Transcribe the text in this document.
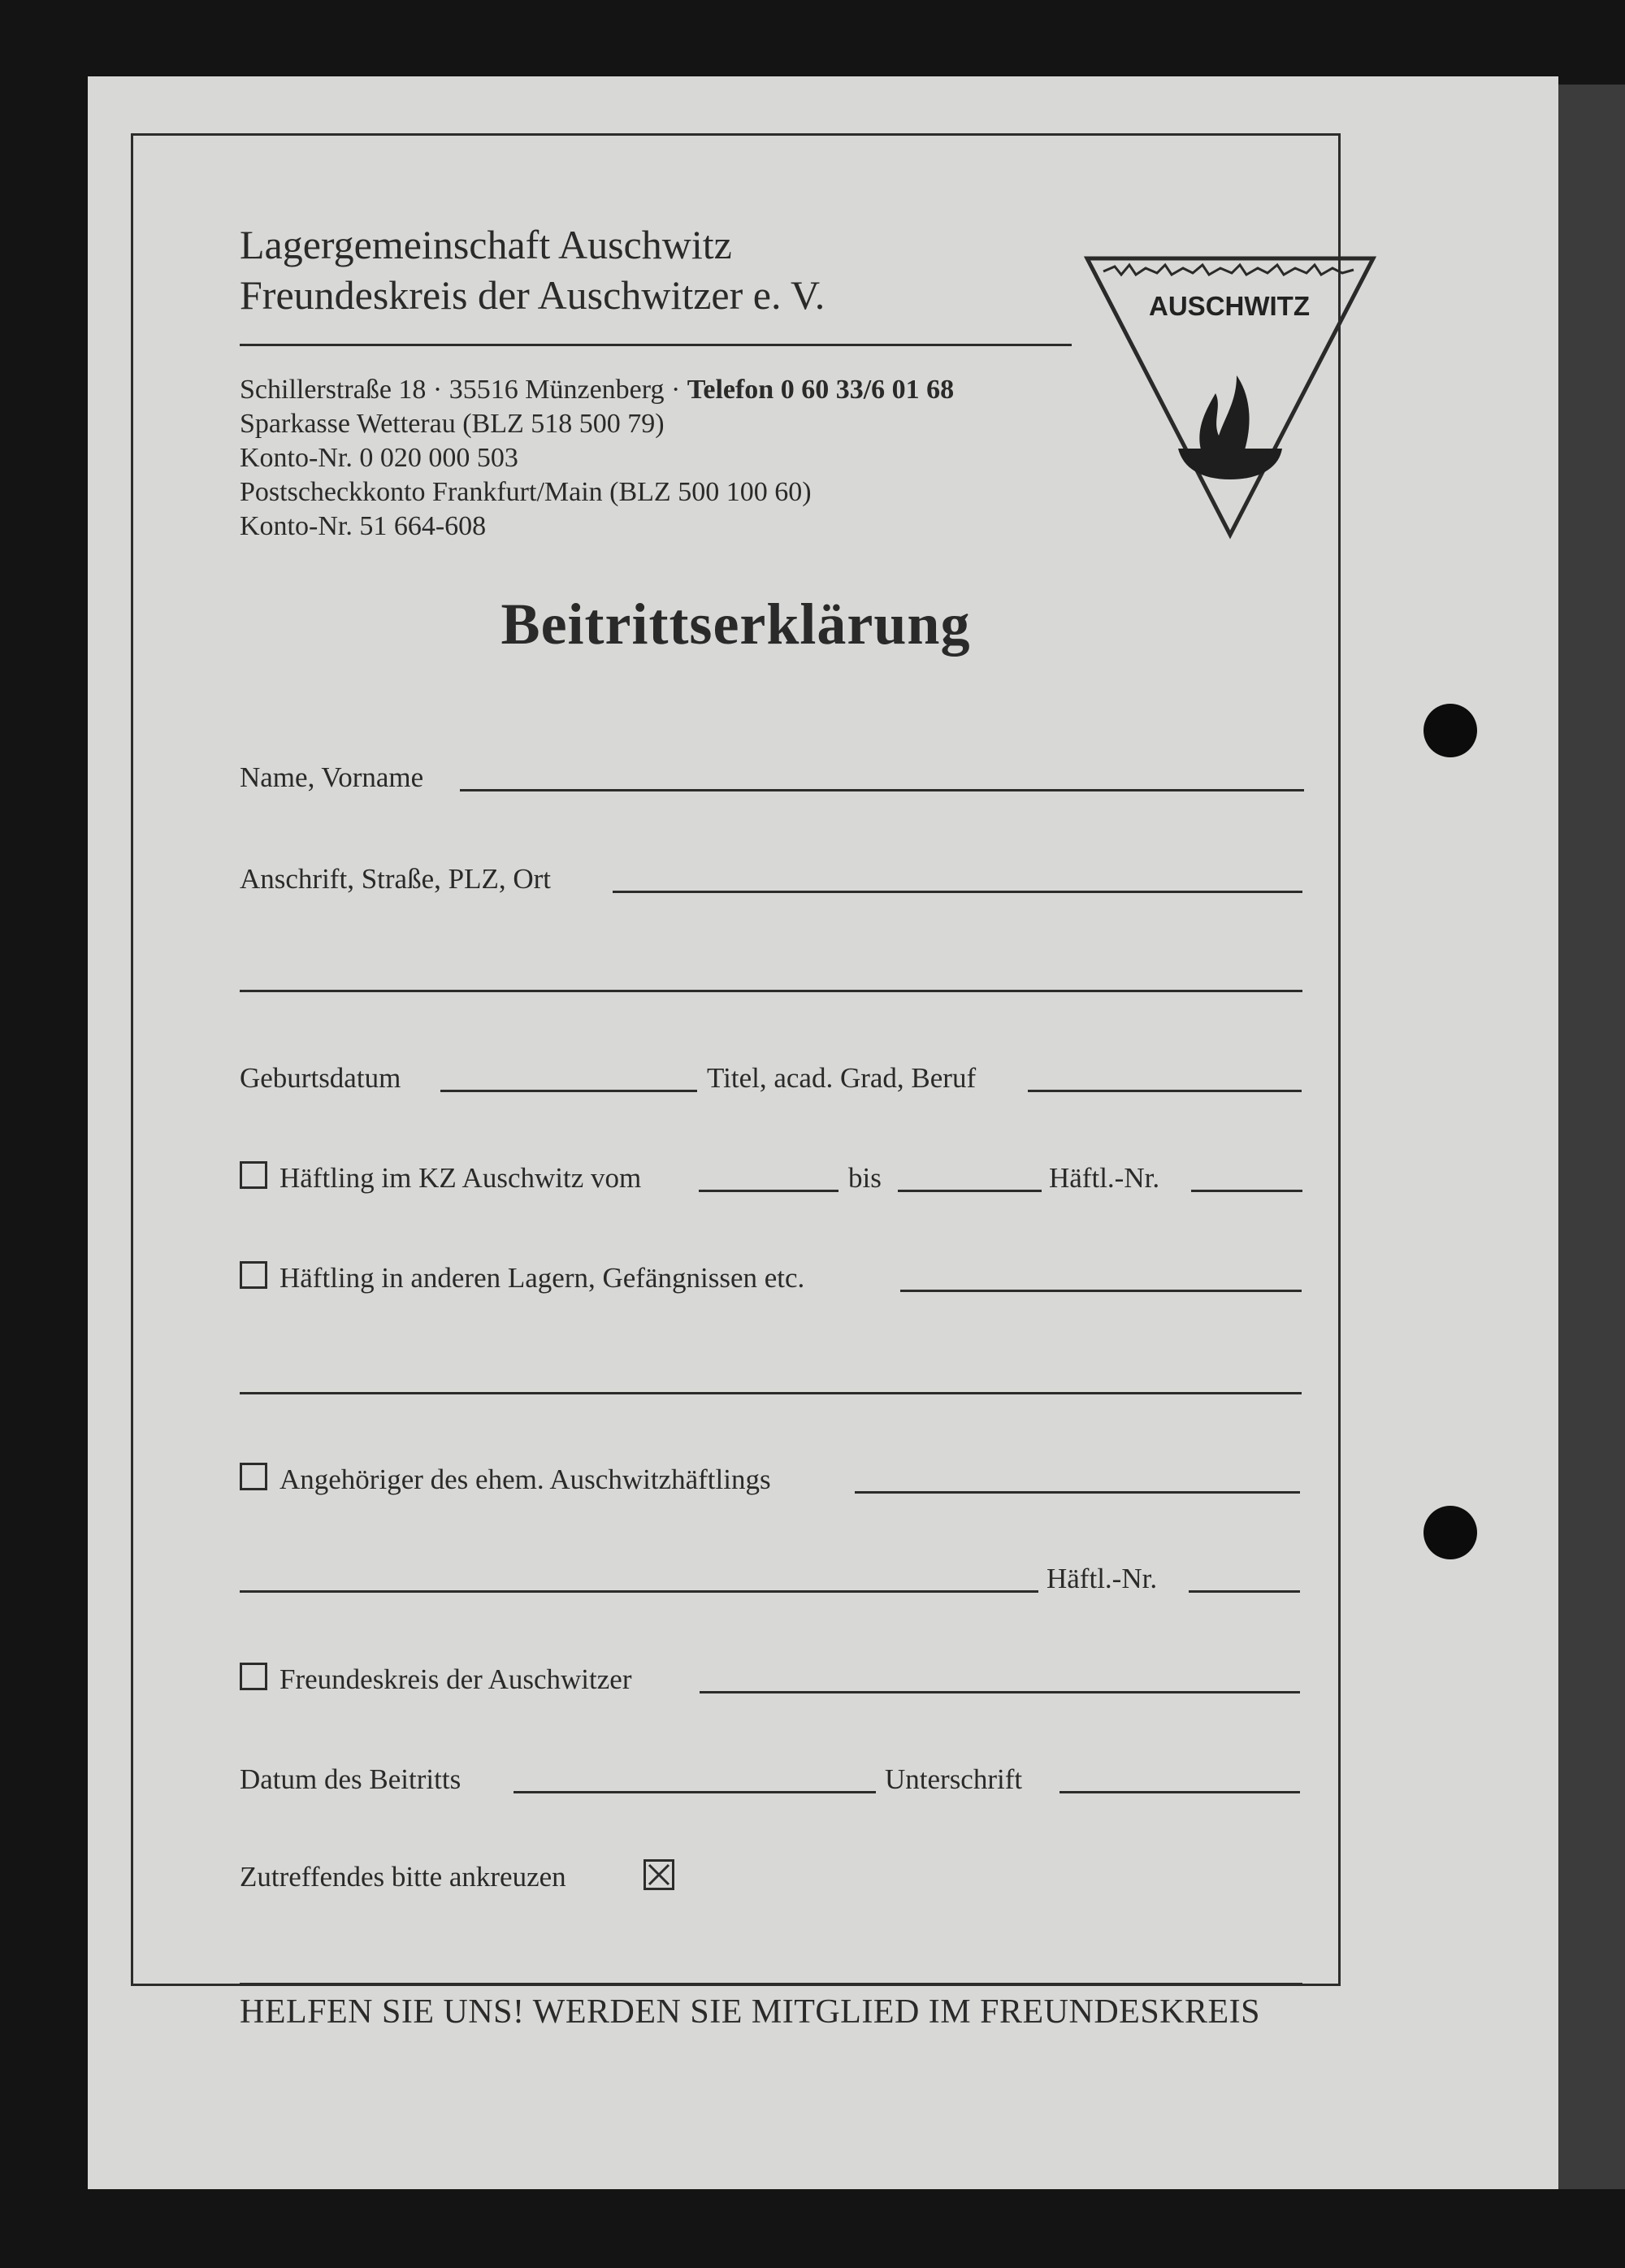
Lagergemeinschaft Auschwitz
Freundeskreis der Auschwitzer e. V.
Schillerstraße 18 · 35516 Münzenberg · Telefon 0 60 33/6 01 68
Sparkasse Wetterau (BLZ 518 500 79)
Konto-Nr. 0 020 000 503
Postscheckkonto Frankfurt/Main (BLZ 500 100 60)
Konto-Nr. 51 664-608
Beitrittserklärung
Name, Vorname
Anschrift, Straße, PLZ, Ort
Geburtsdatum	Titel, acad. Grad, Beruf
Häftling im KZ Auschwitz vom	bis	Häftl.-Nr.
Häftling in anderen Lagern, Gefängnissen etc.
Angehöriger des ehem. Auschwitzhäftlings
Häftl.-Nr.
Freundeskreis der Auschwitzer
Datum des Beitritts	Unterschrift
Zutreffendes bitte ankreuzen
HELFEN SIE UNS! WERDEN SIE MITGLIED IM FREUNDESKREIS
AUSCHWITZ
